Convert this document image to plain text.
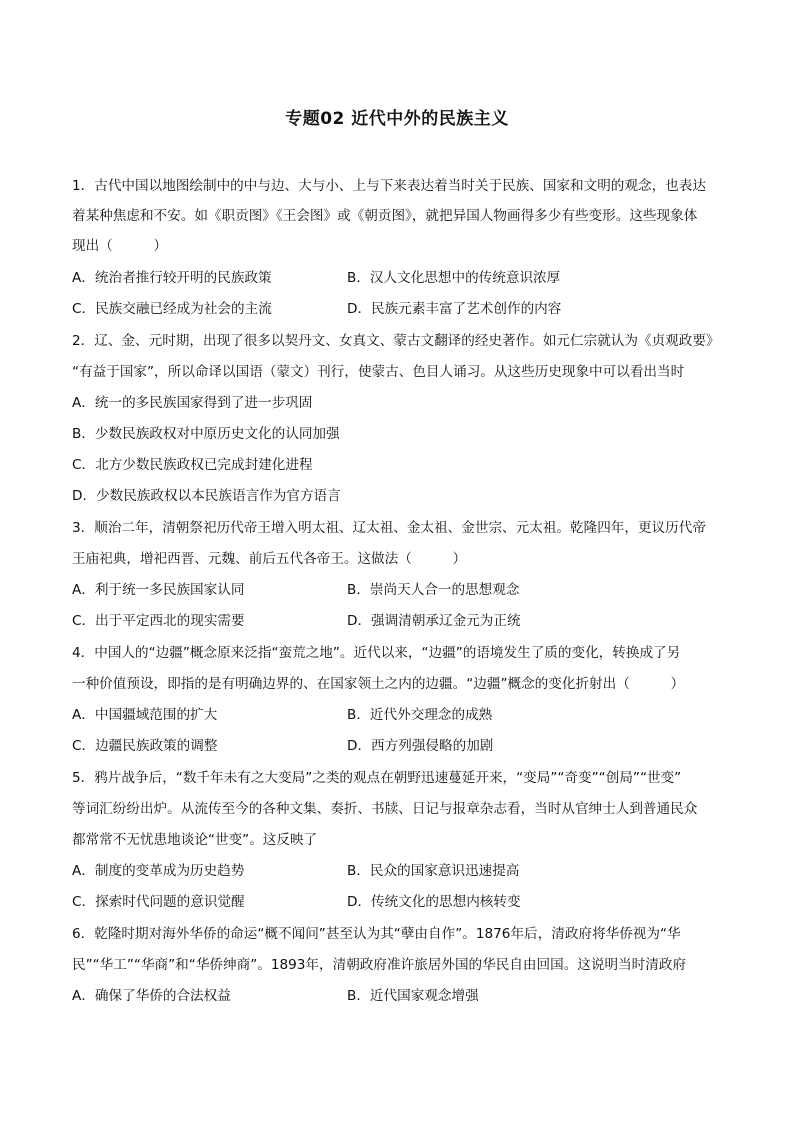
专题02 近代中外的民族主义
1．古代中国以地图绘制中的中与边、大与小、上与下来表达着当时关于民族、国家和文明的观念，也表达
着某种焦虑和不安。如《职贡图》《王会图》或《朝贡图》，就把异国人物画得多少有些变形。这些现象体
现出（　　　）
A．统治者推行较开明的民族政策	B．汉人文化思想中的传统意识浓厚
C．民族交融已经成为社会的主流	D．民族元素丰富了艺术创作的内容
2．辽、金、元时期，出现了很多以契丹文、女真文、蒙古文翻译的经史著作。如元仁宗就认为《贞观政要》
“有益于国家”，所以命译以国语（蒙文）刊行，使蒙古、色目人诵习。从这些历史现象中可以看出当时
A．统一的多民族国家得到了进一步巩固
B．少数民族政权对中原历史文化的认同加强
C．北方少数民族政权已完成封建化进程
D．少数民族政权以本民族语言作为官方语言
3．顺治二年，清朝祭祀历代帝王增入明太祖、辽太祖、金太祖、金世宗、元太祖。乾隆四年，更议历代帝
王庙祀典，增祀西晋、元魏、前后五代各帝王。这做法（　　　）
A．利于统一多民族国家认同	B．崇尚天人合一的思想观念
C．出于平定西北的现实需要	D．强调清朝承辽金元为正统
4．中国人的“边疆”概念原来泛指“蛮荒之地”。近代以来，“边疆”的语境发生了质的变化，转换成了另
一种价值预设，即指的是有明确边界的、在国家领土之内的边疆。“边疆”概念的变化折射出（　　　）
A．中国疆域范围的扩大	B．近代外交理念的成熟
C．边疆民族政策的调整	D．西方列强侵略的加剧
5．鸦片战争后，“数千年未有之大变局”之类的观点在朝野迅速蔓延开来，“变局”“奇变”“创局”“世变”
等词汇纷纷出炉。从流传至今的各种文集、奏折、书牍、日记与报章杂志看，当时从官绅士人到普通民众
都常常不无忧患地谈论“世变”。这反映了
A．制度的变革成为历史趋势	B．民众的国家意识迅速提高
C．探索时代问题的意识觉醒	D．传统文化的思想内核转变
6．乾隆时期对海外华侨的命运“概不闻问”甚至认为其“孽由自作”。1876年后，清政府将华侨视为“华
民”“华工”“华商”和“华侨绅商”。1893年，清朝政府准许旅居外国的华民自由回国。这说明当时清政府
A．确保了华侨的合法权益	B．近代国家观念增强
